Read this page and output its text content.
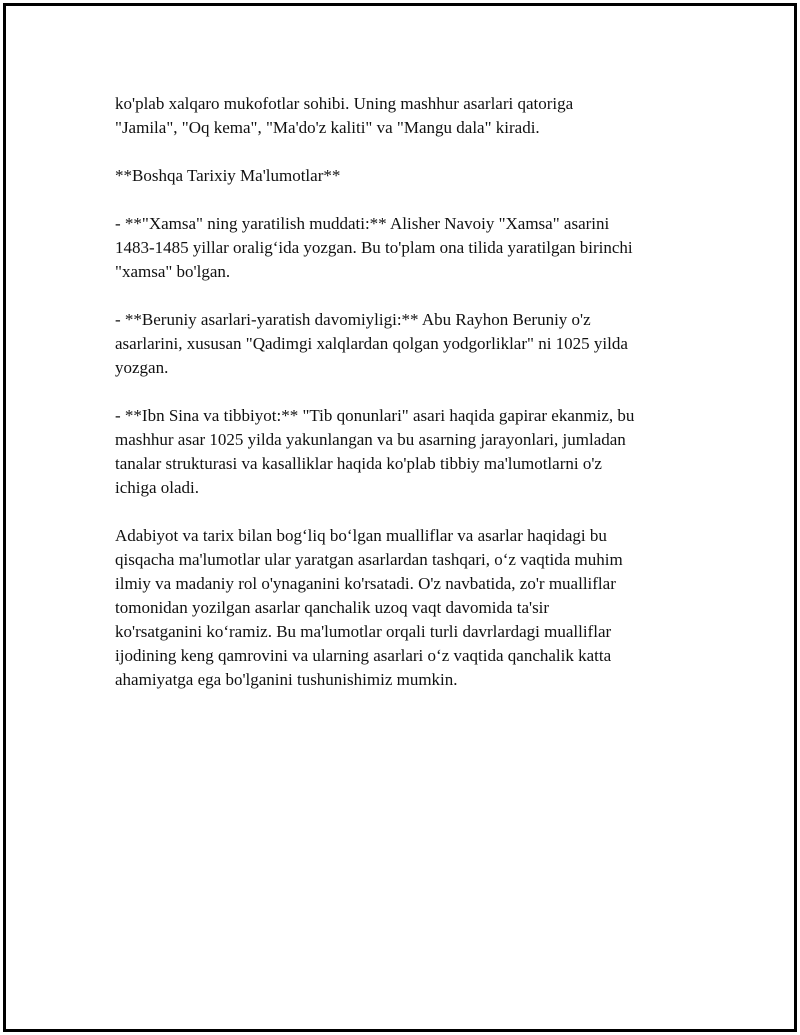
ko'plab xalqaro mukofotlar sohibi. Uning mashhur asarlari qatoriga
"Jamila", "Oq kema", "Ma'do'z kaliti" va "Mangu dala" kiradi.

**Boshqa Tarixiy Ma'lumotlar**

- **"Xamsa" ning yaratilish muddati:** Alisher Navoiy "Xamsa" asarini
1483-1485 yillar oralig‘ida yozgan. Bu to'plam ona tilida yaratilgan birinchi
"xamsa" bo'lgan.

- **Beruniy asarlari-yaratish davomiyligi:** Abu Rayhon Beruniy o'z
asarlarini, xususan "Qadimgi xalqlardan qolgan yodgorliklar" ni 1025 yilda
yozgan.

- **Ibn Sina va tibbiyot:** "Tib qonunlari" asari haqida gapirar ekanmiz, bu
mashhur asar 1025 yilda yakunlangan va bu asarning jarayonlari, jumladan
tanalar strukturasi va kasalliklar haqida ko'plab tibbiy ma'lumotlarni o'z
ichiga oladi.

Adabiyot va tarix bilan bog‘liq bo‘lgan mualliflar va asarlar haqidagi bu
qisqacha ma'lumotlar ular yaratgan asarlardan tashqari, o‘z vaqtida muhim
ilmiy va madaniy rol o'ynaganini ko'rsatadi. O'z navbatida, zo'r mualliflar
tomonidan yozilgan asarlar qanchalik uzoq vaqt davomida ta'sir
ko'rsatganini ko‘ramiz. Bu ma'lumotlar orqali turli davrlardagi mualliflar
ijodining keng qamrovini va ularning asarlari o‘z vaqtida qanchalik katta
ahamiyatga ega bo'lganini tushunishimiz mumkin.
